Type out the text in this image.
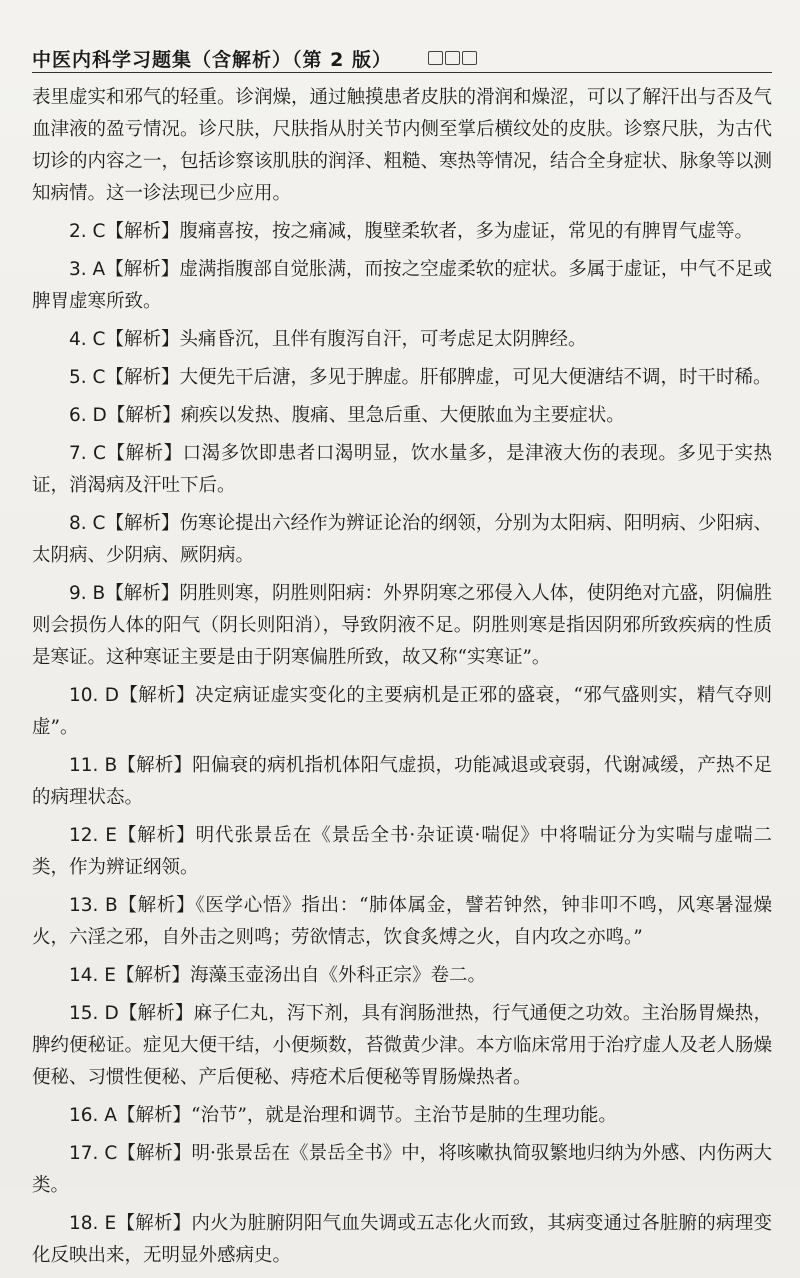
中医内科学习题集（含解析）（第 2 版）

表里虚实和邪气的轻重。诊润燥，通过触摸患者皮肤的滑润和燥涩，可以了解汗出与否及气血津液的盈亏情况。诊尺肤，尺肤指从肘关节内侧至掌后横纹处的皮肤。诊察尺肤，为古代切诊的内容之一，包括诊察该肌肤的润泽、粗糙、寒热等情况，结合全身症状、脉象等以测知病情。这一诊法现已少应用。

2. C【解析】腹痛喜按，按之痛减，腹壁柔软者，多为虚证，常见的有脾胃气虚等。

3. A【解析】虚满指腹部自觉胀满，而按之空虚柔软的症状。多属于虚证，中气不足或脾胃虚寒所致。

4. C【解析】头痛昏沉，且伴有腹泻自汗，可考虑足太阴脾经。

5. C【解析】大便先干后溏，多见于脾虚。肝郁脾虚，可见大便溏结不调，时干时稀。

6. D【解析】痢疾以发热、腹痛、里急后重、大便脓血为主要症状。

7. C【解析】口渴多饮即患者口渴明显，饮水量多，是津液大伤的表现。多见于实热证，消渴病及汗吐下后。

8. C【解析】伤寒论提出六经作为辨证论治的纲领，分别为太阳病、阳明病、少阳病、太阴病、少阴病、厥阴病。

9. B【解析】阴胜则寒，阴胜则阳病：外界阴寒之邪侵入人体，使阴绝对亢盛，阴偏胜则会损伤人体的阳气（阴长则阳消），导致阴液不足。阴胜则寒是指因阴邪所致疾病的性质是寒证。这种寒证主要是由于阴寒偏胜所致，故又称“实寒证”。

10. D【解析】决定病证虚实变化的主要病机是正邪的盛衰，“邪气盛则实，精气夺则虚”。

11. B【解析】阳偏衰的病机指机体阳气虚损，功能减退或衰弱，代谢减缓，产热不足的病理状态。

12. E【解析】明代张景岳在《景岳全书·杂证谟·喘促》中将喘证分为实喘与虚喘二类，作为辨证纲领。

13. B【解析】《医学心悟》指出：“肺体属金，譬若钟然，钟非叩不鸣，风寒暑湿燥火，六淫之邪，自外击之则鸣；劳欲情志，饮食炙煿之火，自内攻之亦鸣。”

14. E【解析】海藻玉壶汤出自《外科正宗》卷二。

15. D【解析】麻子仁丸，泻下剂，具有润肠泄热，行气通便之功效。主治肠胃燥热，脾约便秘证。症见大便干结，小便频数，苔微黄少津。本方临床常用于治疗虚人及老人肠燥便秘、习惯性便秘、产后便秘、痔疮术后便秘等胃肠燥热者。

16. A【解析】“治节”，就是治理和调节。主治节是肺的生理功能。

17. C【解析】明·张景岳在《景岳全书》中，将咳嗽执简驭繁地归纳为外感、内伤两大类。

18. E【解析】内火为脏腑阴阳气血失调或五志化火而致，其病变通过各脏腑的病理变化反映出来，无明显外感病史。
